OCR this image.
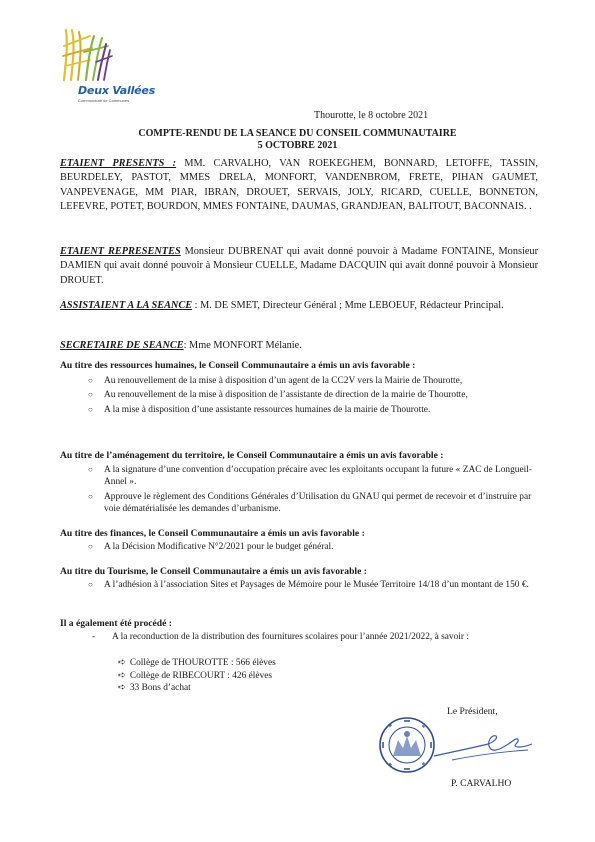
Deux Vallées
Communauté de Communes
Thourotte, le 8 octobre 2021
COMPTE-RENDU DE LA SEANCE DU CONSEIL COMMUNAUTAIRE
5 OCTOBRE 2021
ETAIENT PRESENTS : MM. CARVALHO, VAN ROEKEGHEM, BONNARD, LETOFFE, TASSIN, BEURDELEY, PASTOT, MMES DRELA, MONFORT, VANDENBROM, FRETE, PIHAN GAUMET, VANPEVENAGE, MM PIAR, IBRAN, DROUET, SERVAIS, JOLY, RICARD, CUELLE, BONNETON, LEFEVRE, POTET, BOURDON, MMES FONTAINE, DAUMAS, GRANDJEAN, BALITOUT, BACONNAIS. .
ETAIENT REPRESENTES Monsieur DUBRENAT qui avait donné pouvoir à Madame FONTAINE, Monsieur DAMIEN qui avait donné pouvoir à Monsieur CUELLE, Madame DACQUIN qui avait donné pouvoir à Monsieur DROUET.
ASSISTAIENT A LA SEANCE : M. DE SMET, Directeur Général ; Mme LEBOEUF, Rédacteur Principal.
SECRETAIRE DE SEANCE: Mme MONFORT Mélanie.
Au titre des ressources humaines, le Conseil Communautaire a émis un avis favorable :
○ Au renouvellement de la mise à disposition d’un agent de la CC2V vers la Mairie de Thourotte,
○ Au renouvellement de la mise à disposition de l’assistante de direction de la mairie de Thourotte,
○ A la mise à disposition d’une assistante ressources humaines de la mairie de Thourotte.
Au titre de l’aménagement du territoire, le Conseil Communautaire a émis un avis favorable :
○ A la signature d’une convention d’occupation précaire avec les exploitants occupant la future « ZAC de Longueil-Annel ».
○ Approuve le règlement des Conditions Générales d’Utilisation du GNAU qui permet de recevoir et d’instruire par voie dématérialisée les demandes d’urbanisme.
Au titre des finances, le Conseil Communautaire a émis un avis favorable :
○ A la Décision Modificative N°2/2021 pour le budget général.
Au titre du Tourisme, le Conseil Communautaire a émis un avis favorable :
○ A l’adhésion à l’association Sites et Paysages de Mémoire pour le Musée Territoire 14/18 d’un montant de 150 €.
Il a également été procédé :
- A la reconduction de la distribution des fournitures scolaires pour l’année 2021/2022, à savoir :
➪ Collège de THOUROTTE : 566 élèves
➪ Collège de RIBECOURT : 426 élèves
➪ 33 Bons d’achat
Le Président,
P. CARVALHO
